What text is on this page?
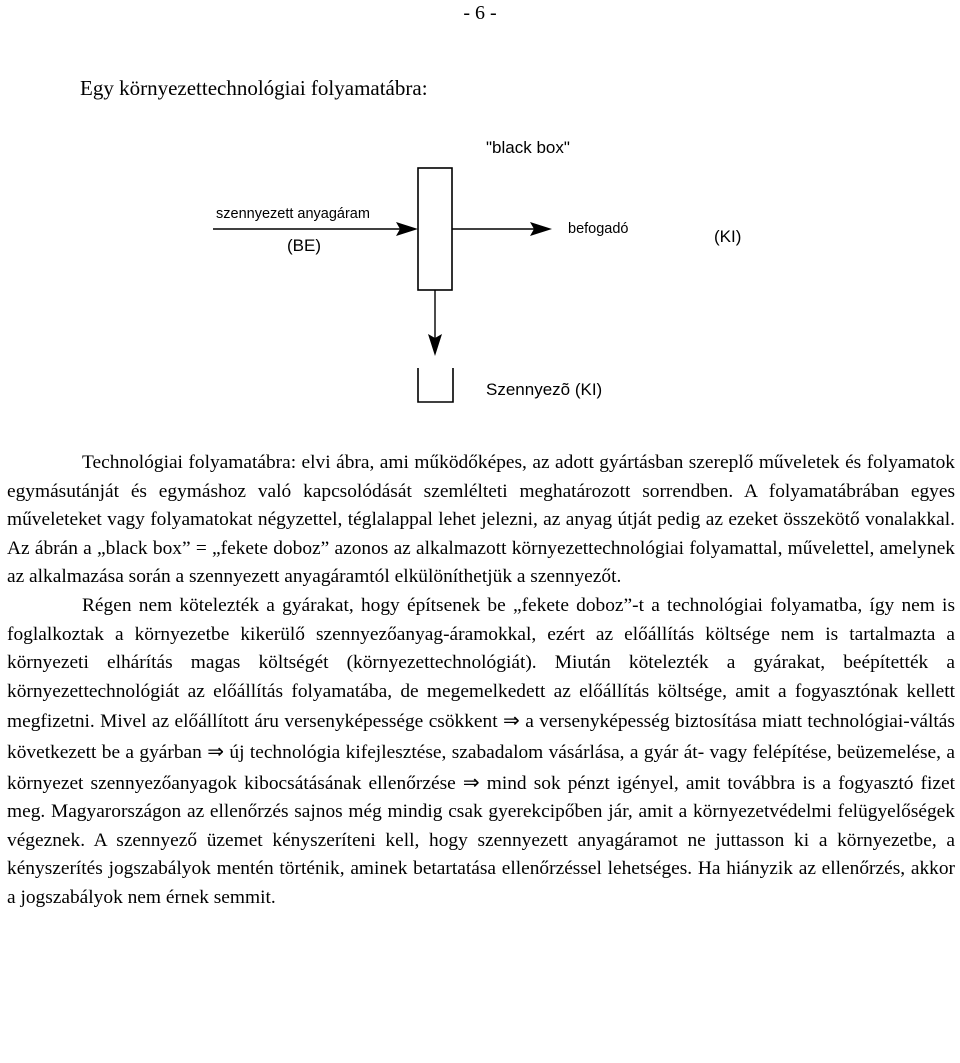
- 6 -
Egy környezettechnológiai folyamatábra:
"black box"
szennyezett anyagáram
(BE)
befogadó	(KI)
Szennyezõ (KI)

Technológiai folyamatábra: elvi ábra, ami működőképes, az adott gyártásban szereplő műveletek és folyamatok egymásutánját és egymáshoz való kapcsolódását szemlélteti meghatározott sorrendben. A folyamatábrában egyes műveleteket vagy folyamatokat négyzettel, téglalappal lehet jelezni, az anyag útját pedig az ezeket összekötő vonalakkal. Az ábrán a „black box” = „fekete doboz” azonos az alkalmazott környezettechnológiai folyamattal, művelettel, amelynek az alkalmazása során a szennyezett anyagáramtól elkülöníthetjük a szennyezőt.

Régen nem kötelezték a gyárakat, hogy építsenek be „fekete doboz”-t a technológiai folyamatba, így nem is foglalkoztak a környezetbe kikerülő szennyezőanyag-áramokkal, ezért az előállítás költsége nem is tartalmazta a környezeti elhárítás magas költségét (környezettechnológiát). Miután kötelezték a gyárakat, beépítették a környezettechnológiát az előállítás folyamatába, de megemelkedett az előállítás költsége, amit a fogyasztónak kellett megfizetni. Mivel az előállított áru versenyképessége csökkent ⇒ a versenyképesség biztosítása miatt technológiai-váltás következett be a gyárban ⇒ új technológia kifejlesztése, szabadalom vásárlása, a gyár át- vagy felépítése, beüzemelése, a környezet szennyezőanyagok kibocsátásának ellenőrzése ⇒ mind sok pénzt igényel, amit továbbra is a fogyasztó fizet meg. Magyarországon az ellenőrzés sajnos még mindig csak gyerekcipőben jár, amit a környezetvédelmi felügyelőségek végeznek. A szennyező üzemet kényszeríteni kell, hogy szennyezett anyagáramot ne juttasson ki a környezetbe, a kényszerítés jogszabályok mentén történik, aminek betartatása ellenőrzéssel lehetséges. Ha hiányzik az ellenőrzés, akkor a jogszabályok nem érnek semmit.
